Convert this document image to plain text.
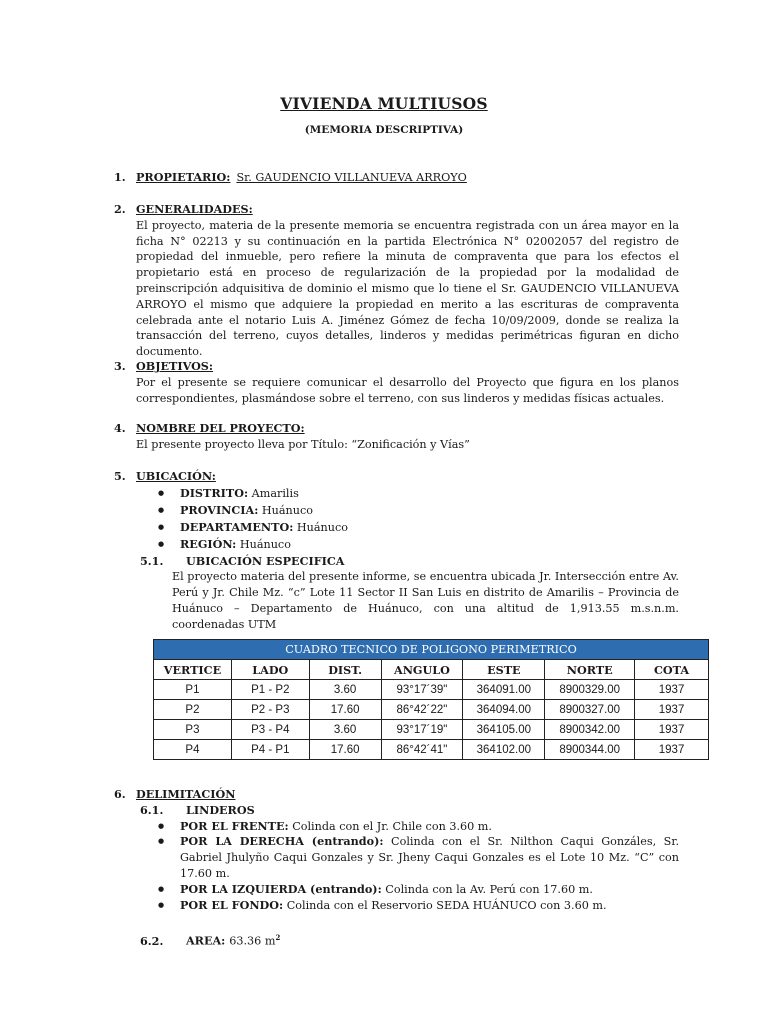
VIVIENDA MULTIUSOS
(MEMORIA DESCRIPTIVA)
1. PROPIETARIO: Sr. GAUDENCIO VILLANUEVA ARROYO
2. GENERALIDADES:
El proyecto, materia de la presente memoria se encuentra registrada con un área mayor en la ficha N° 02213 y su continuación en la partida Electrónica N° 02002057 del registro de propiedad del inmueble, pero refiere la minuta de compraventa que para los efectos el propietario está en proceso de regularización de la propiedad por la modalidad de preinscripción adquisitiva de dominio el mismo que lo tiene el Sr. GAUDENCIO VILLANUEVA ARROYO el mismo que adquiere la propiedad en merito a las escrituras de compraventa celebrada ante el notario Luis A. Jiménez Gómez de fecha 10/09/2009, donde se realiza la transacción del terreno, cuyos detalles, linderos y medidas perimétricas figuran en dicho documento.
3. OBJETIVOS:
Por el presente se requiere comunicar el desarrollo del Proyecto que figura en los planos correspondientes, plasmándose sobre el terreno, con sus linderos y medidas físicas actuales.
4. NOMBRE DEL PROYECTO:
El presente proyecto lleva por Título: “Zonificación y Vías”
5. UBICACIÓN:
● DISTRITO: Amarilis
● PROVINCIA: Huánuco
● DEPARTAMENTO: Huánuco
● REGIÓN: Huánuco
5.1. UBICACIÓN ESPECIFICA
El proyecto materia del presente informe, se encuentra ubicada Jr. Intersección entre Av. Perú y Jr. Chile Mz. “c” Lote 11 Sector II San Luis en distrito de Amarilis – Provincia de Huánuco – Departamento de Huánuco, con una altitud de 1,913.55 m.s.n.m. coordenadas UTM
CUADRO TECNICO DE POLIGONO PERIMETRICO						
VERTICE	LADO	DIST.	ANGULO	ESTE	NORTE	COTA
P1	P1 - P2	3.60	93°17´39"	364091.00	8900329.00	1937
P2	P2 - P3	17.60	86°42´22"	364094.00	8900327.00	1937
P3	P3 - P4	3.60	93°17´19"	364105.00	8900342.00	1937
P4	P4 - P1	17.60	86°42´41"	364102.00	8900344.00	1937
6. DELIMITACIÓN
6.1. LINDEROS
● POR EL FRENTE: Colinda con el Jr. Chile con 3.60 m.
● POR LA DERECHA (entrando): Colinda con el Sr. Nilthon Caqui Gonzáles, Sr. Gabriel Jhulyño Caqui Gonzales y Sr. Jheny Caqui Gonzales es el Lote 10 Mz. “C” con 17.60 m.
● POR LA IZQUIERDA (entrando): Colinda con la Av. Perú con 17.60 m.
● POR EL FONDO: Colinda con el Reservorio SEDA HUÁNUCO con 3.60 m.
6.2. AREA: 63.36 $m^2$
